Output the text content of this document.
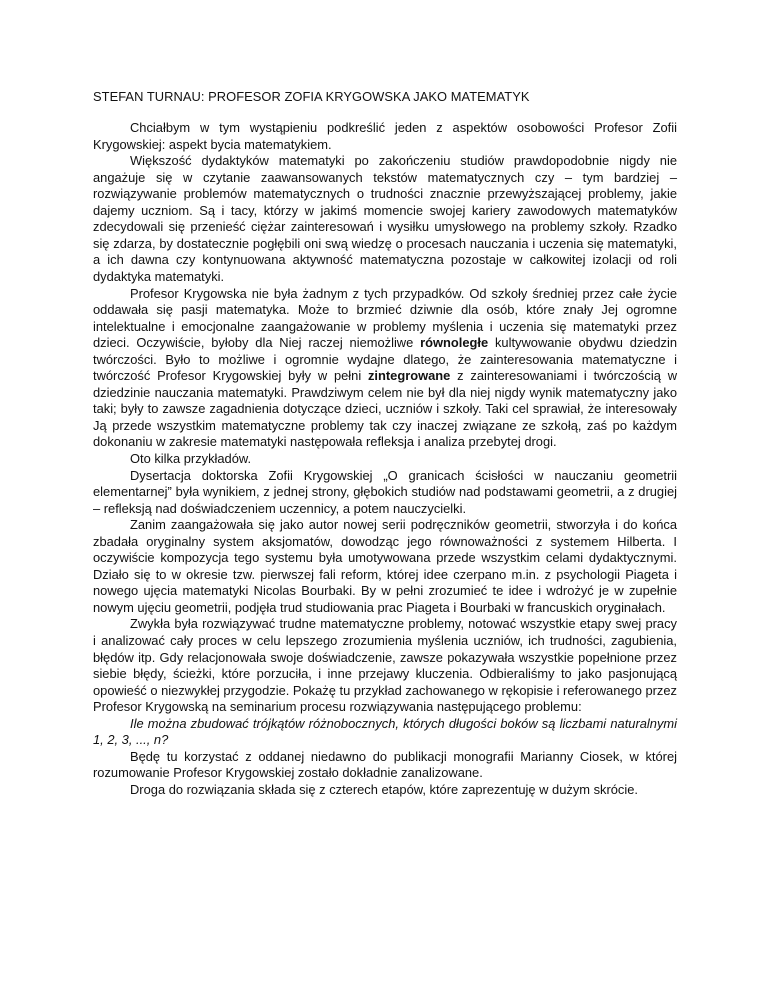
STEFAN TURNAU: PROFESOR ZOFIA KRYGOWSKA JAKO MATEMATYK

Chciałbym w tym wystąpieniu podkreślić jeden z aspektów osobowości Profesor Zofii Krygowskiej: aspekt bycia matematykiem.

Większość dydaktyków matematyki po zakończeniu studiów prawdopodobnie nigdy nie angażuje się w czytanie zaawansowanych tekstów matematycznych czy – tym bardziej – rozwiązywanie problemów matematycznych o trudności znacznie przewyższającej problemy, jakie dajemy uczniom. Są i tacy, którzy w jakimś momencie swojej kariery zawodowych matematyków zdecydowali się przenieść ciężar zainteresowań i wysiłku umysłowego na problemy szkoły. Rzadko się zdarza, by dostatecznie pogłębili oni swą wiedzę o procesach nauczania i uczenia się matematyki, a ich dawna czy kontynuowana aktywność matematyczna pozostaje w całkowitej izolacji od roli dydaktyka matematyki.

Profesor Krygowska nie była żadnym z tych przypadków. Od szkoły średniej przez całe życie oddawała się pasji matematyka. Może to brzmieć dziwnie dla osób, które znały Jej ogromne intelektualne i emocjonalne zaangażowanie w problemy myślenia i uczenia się matematyki przez dzieci. Oczywiście, byłoby dla Niej raczej niemożliwe równoległe kultywowanie obydwu dziedzin twórczości. Było to możliwe i ogromnie wydajne dlatego, że zainteresowania matematyczne i twórczość Profesor Krygowskiej były w pełni zintegrowane z zainteresowaniami i twórczością w dziedzinie nauczania matematyki. Prawdziwym celem nie był dla niej nigdy wynik matematyczny jako taki; były to zawsze zagadnienia dotyczące dzieci, uczniów i szkoły. Taki cel sprawiał, że interesowały Ją przede wszystkim matematyczne problemy tak czy inaczej związane ze szkołą, zaś po każdym dokonaniu w zakresie matematyki następowała refleksja i analiza przebytej drogi.

Oto kilka przykładów.

Dysertacja doktorska Zofii Krygowskiej „O granicach ścisłości w nauczaniu geometrii elementarnej” była wynikiem, z jednej strony, głębokich studiów nad podstawami geometrii, a z drugiej – refleksją nad doświadczeniem uczennicy, a potem nauczycielki.

Zanim zaangażowała się jako autor nowej serii podręczników geometrii, stworzyła i do końca zbadała oryginalny system aksjomatów, dowodząc jego równoważności z systemem Hilberta. I oczywiście kompozycja tego systemu była umotywowana przede wszystkim celami dydaktycznymi. Działo się to w okresie tzw. pierwszej fali reform, której idee czerpano m.in. z psychologii Piageta i nowego ujęcia matematyki Nicolas Bourbaki. By w pełni zrozumieć te idee i wdrożyć je w zupełnie nowym ujęciu geometrii, podjęła trud studiowania prac Piageta i Bourbaki w francuskich oryginałach.

Zwykła była rozwiązywać trudne matematyczne problemy, notować wszystkie etapy swej pracy i analizować cały proces w celu lepszego zrozumienia myślenia uczniów, ich trudności, zagubienia, błędów itp. Gdy relacjonowała swoje doświadczenie, zawsze pokazywała wszystkie popełnione przez siebie błędy, ścieżki, które porzuciła, i inne przejawy kluczenia. Odbieraliśmy to jako pasjonującą opowieść o niezwykłej przygodzie. Pokażę tu przykład zachowanego w rękopisie i referowanego przez Profesor Krygowską na seminarium procesu rozwiązywania następującego problemu:

Ile można zbudować trójkątów różnobocznych, których długości boków są liczbami naturalnymi 1, 2, 3, ..., n?

Będę tu korzystać z oddanej niedawno do publikacji monografii Marianny Ciosek, w której rozumowanie Profesor Krygowskiej zostało dokładnie zanalizowane.

Droga do rozwiązania składa się z czterech etapów, które zaprezentuję w dużym skrócie.
